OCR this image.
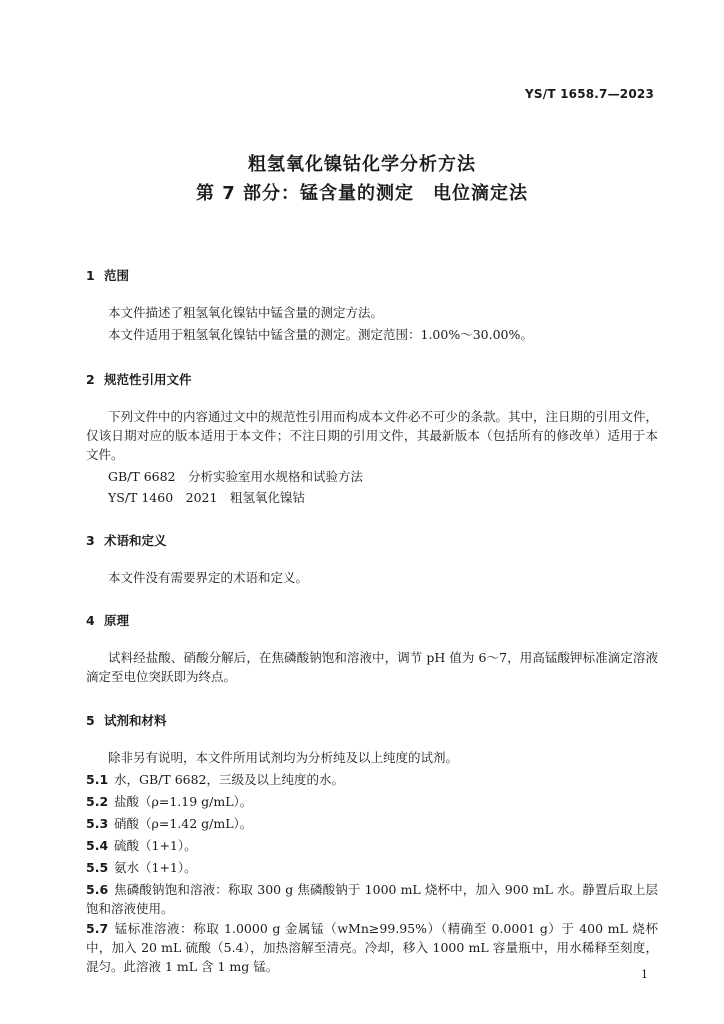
YS/T 1658.7—2023
粗氢氧化镍钴化学分析方法
第 7 部分：锰含量的测定　电位滴定法
1 范围
本文件描述了粗氢氧化镍钴中锰含量的测定方法。
本文件适用于粗氢氧化镍钴中锰含量的测定。测定范围：1.00%～30.00%。
2 规范性引用文件
下列文件中的内容通过文中的规范性引用而构成本文件必不可少的条款。其中，注日期的引用文件，仅该日期对应的版本适用于本文件；不注日期的引用文件，其最新版本（包括所有的修改单）适用于本文件。
GB/T 6682　分析实验室用水规格和试验方法
YS/T 1460　2021　粗氢氧化镍钴
3 术语和定义
本文件没有需要界定的术语和定义。
4 原理
试料经盐酸、硝酸分解后，在焦磷酸钠饱和溶液中，调节 pH 值为 6～7，用高锰酸钾标准滴定溶液滴定至电位突跃即为终点。
5 试剂和材料
除非另有说明，本文件所用试剂均为分析纯及以上纯度的试剂。
5.1 水，GB/T 6682，三级及以上纯度的水。
5.2 盐酸（ρ=1.19 g/mL）。
5.3 硝酸（ρ=1.42 g/mL）。
5.4 硫酸（1+1）。
5.5 氨水（1+1）。
5.6 焦磷酸钠饱和溶液：称取 300 g 焦磷酸钠于 1000 mL 烧杯中，加入 900 mL 水。静置后取上层饱和溶液使用。
5.7 锰标准溶液：称取 1.0000 g 金属锰（wMn≥99.95%）（精确至 0.0001 g）于 400 mL 烧杯中，加入 20 mL 硫酸（5.4），加热溶解至清亮。冷却，移入 1000 mL 容量瓶中，用水稀释至刻度，混匀。此溶液 1 mL 含 1 mg 锰。
1
